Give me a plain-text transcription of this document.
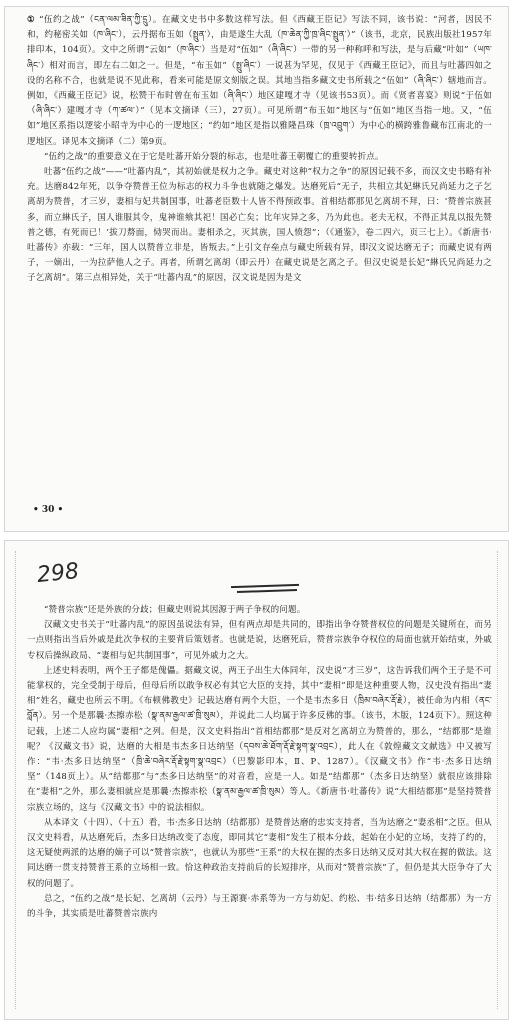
① “伍约之战”（ངན་ལམ་ཟིན་ཀྱི་དྲུ）。在藏文史书中多数这样写法。但《西藏王臣记》写法不同，该书说：“河者，因民不和，约秘密关如（ཁ་ཞིང་），云丹据布玉如（སྤྲུན་），由是遂生大乱（ཁ་ཆེན་ཀྱི་ཁྲ་ཞིང་སྤྲུན་）”（该书，北京，民族出版社1957年排印本，104页）。文中之所谓“云如”（ཁ་ཞིང་）当是对“伍如”（ཞི་ཞིང་）一带的另一种称呼和写法，是与后藏“叶如”（ཡཁ་ཞིང་）相对而言，即左右二如之一。但是，“布玉如”（སྤྲུ་ཞིང་）一说甚为罕见，仅见于《西藏王臣记》，而且与吐蕃四如之设的名称不合，也就是说不见此称，看来可能是原文刻版之误。其地当指多藏文史书所载之“伍如”（ཞི་ཞིང་）辖地而言。例如，《西藏王臣记》说，松赞干布时曾在布玉如（ཞི་ཞིང་）地区建嘎才寺（见该书53页）。而《贤者喜宴》则说“于伍如（ཞི་ཞིང་）建嘎才寺（ཀ་ཚལ་）”（见本文摘译（三），27页）。可见所谓“布玉如”地区与“伍如”地区当指一地。又，“伍如”地区系指以逻娑小昭寺为中心的一逻地区；“约如”地区是指以雅隆昌珠（ཁྲ་འབྲུག་）为中心的横跨雅鲁藏布江南北的一逻地区。译见本文摘译（二）第9页。

“伍约之战”的重要意义在于它是吐蕃开始分裂的标志，也是吐蕃王朝覆亡的重要转折点。

吐蕃“伍约之战”——“吐蕃内乱”，其初始就是权力之争。藏史对这种“权力之争”的原因记载不多，而汉文史书略有补充。达磨842年死，以争夺赞普王位为标志的权力斗争也就随之爆发。达磨死后“无子，共相立其妃綝氏兄尚延力之子乞离胡为赞普，才三岁，妻相与妃共制国事，吐蕃老臣数十人皆不得预政事。首相结都那见乞离胡不拜，曰：‘赞普宗族甚多，而立綝氏子，国人谁服其令，鬼神谁飨其祀！国必亡矣；比年灾异之多，乃为此也。老夫无权，不得正其乱以报先赞普之德，有死而已！’拔刀剺面，恸哭而出。妻相杀之，灭其族，国人愤怨”；（《通鉴》，卷二四六，页三七上）。《新唐书·吐蕃传》亦载：“三年，国人以赞普立非是，皆叛去。”上引文存垒点与藏史所载有异，即汉文说达磨无子；而藏史说有两子，一嫡出，一为拉萨他人之子。再者，所谓乞离胡（即云丹）在藏史说是乞离之子。但汉史说是长妃“綝氏兄尚延力之子乞离胡”。第三点相异处，关于“吐蕃内乱”的原因，汉文说是因为是文

• 30 •
298

“赞普宗族”还是外族的分歧；但藏史则说其因源于两子争权的问题。

汉藏文史书关于“吐蕃内乱”的原因虽说法有异，但有两点却是共同的，即指出争夺赞普权位的问题是关键所在，而另一点则指出当后外戚是此次争权的主要背后策划者。也就是说，达磨死后，赞普宗族争夺权位的局面也就开始结束，外戚专权后操纵政局、“妻相与妃共制国事”，可见外戚力之大。

上述史料表明，两个王子都是傀儡。据藏文说，两王子出生大体同年，汉史说“才三岁”，这告诉我们两个王子是不可能掌权的，完全受制于母后，但母后所以敢争权必有其它大臣的支持，其中“妻相”即是这种重要人物，汉史没有指出“妻相”姓名，藏史也所云不明。《布顿佛教史》记载达磨有两个大臣，一个是韦杰多日（ཁྲིམ་བཞེར་རྡོ་རྗེ），被任命为内相（ནང་བློན）。另一个是那曩·杰擦赤松（སྣ་ནམ་རྒྱལ་ཚ་ཁྲི་སུམ），并说此二人均属于许多反佛的事。（该书，木版，124页下）。照这种记载，上述二人应均属“妻相”之列。但是，汉文史料指出“首相结都那”是反对乞离胡立为赞普的，那么，“结都那”是谁呢？《汉藏文书》说，达磨的大相是韦杰多日达纳坚（དབས་ཆེ་ཐོག་རྡོ་རྗེ་སྟག་སྣ་འབྲང），此人在《敦煌藏文文献选》中又被写作：“韦·杰多日达纳坚”（ཁྲི་ཆེ་བཞེར་རྡོ་རྗེ་སྟག་སྣ་འབྲང）（巴黎影印本，Ⅱ、P、1287）。《汉藏文书》作“韦·杰多日达纳坚”（148页上）。从“结都那”与“杰多日达纳坚”的对音看，应是一人。如是“结都那”（杰多日达纳坚）就很应该排除在“妻相”之外，那么妻相就应是那曩·杰擦赤松（སྣ་ནམ་རྒྱལ་ཚ་ཁྲི་སུམ）等人。《新唐书·吐蕃传》说“大相结都那”是坚持赞普宗族立场的，这与《汉藏文书》中的说法相似。

从本译文（十四）、（十五）看，韦·杰多日达纳（结都那）是赞普达磨的忠实支持者，当为达磨之“妻丞相”之臣。但从汉文史料看，从达磨死后，杰多日达纳改变了态度，即同其它“妻相”发生了根本分歧，起始在小妃的立场，支持了约的，这无疑使两派的达磨的嫡子可以“赞普宗族”，也就认为那些“王系”的大权在握的杰多日达纳又反对其大权在握的做法。这同达磨一贯支持赞普王系的立场相一致。恰这种政治支持前后的长短排序，从而对“赞普宗族”了，但仍是其大臣争夺了大权的问题了。

总之，“伍约之战”是长妃、乞离胡（云丹）与王源赛·赤系等为一方与幼妃、约松、韦·结多日达纳（结都那）为一方的斗争，其实质是吐蕃赞普宗族内
